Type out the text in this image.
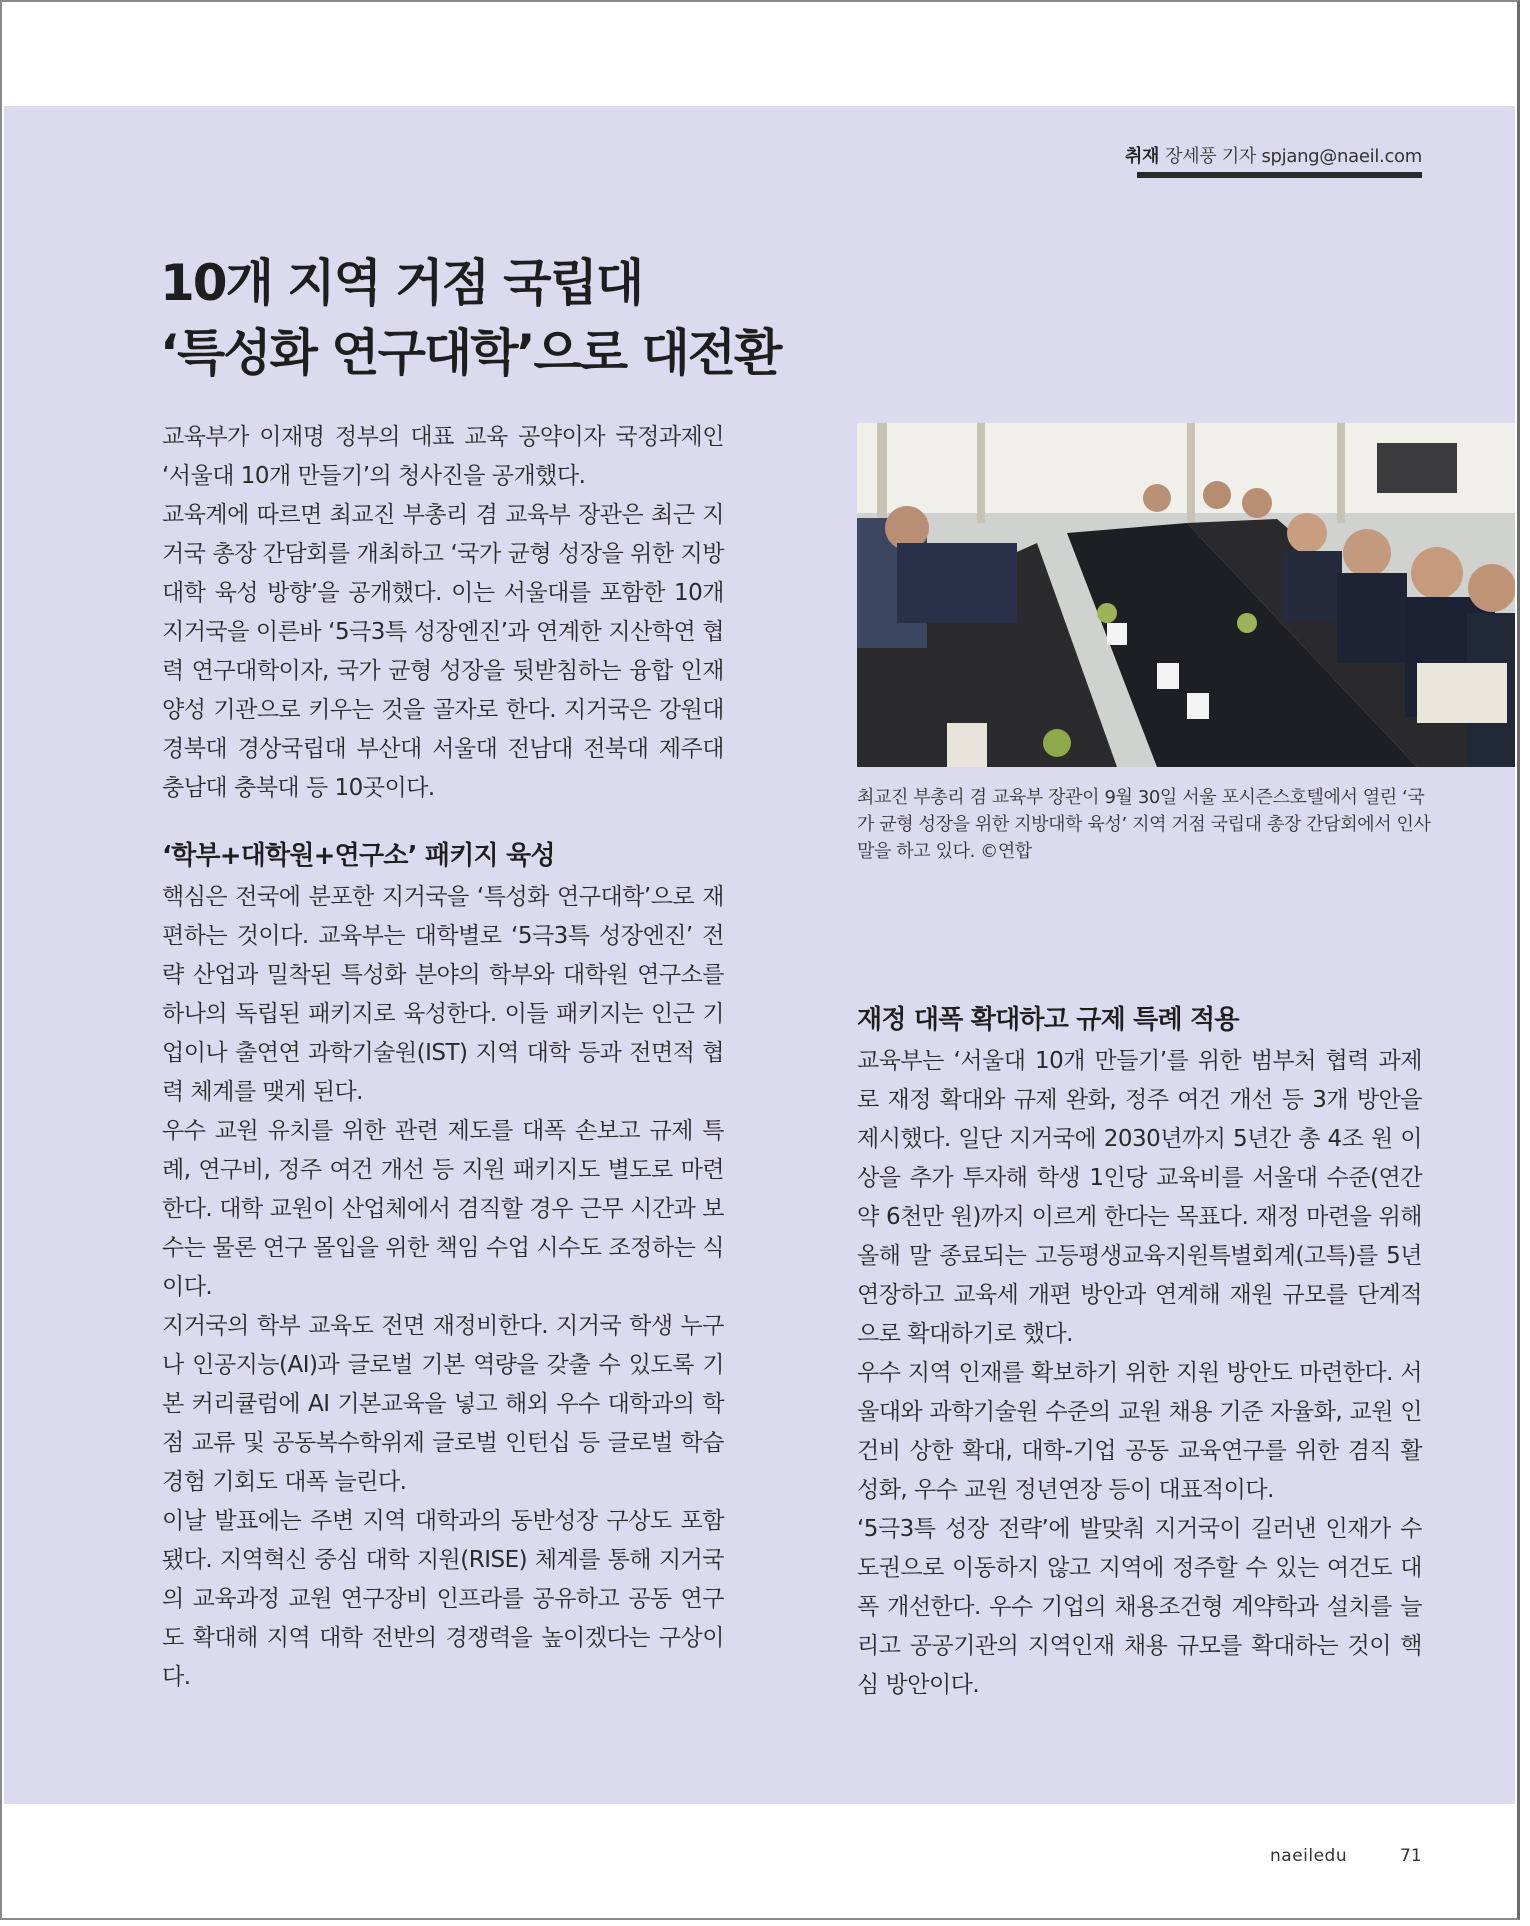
취재 장세풍 기자 spjang@naeil.com
10개 지역 거점 국립대
‘특성화 연구대학’으로 대전환

교육부가 이재명 정부의 대표 교육 공약이자 국정과제인 ‘서울대 10개 만들기’의 청사진을 공개했다.

교육계에 따르면 최교진 부총리 겸 교육부 장관은 최근 지거국 총장 간담회를 개최하고 ‘국가 균형 성장을 위한 지방대학 육성 방향’을 공개했다. 이는 서울대를 포함한 10개 지거국을 이른바 ‘5극3특 성장엔진’과 연계한 지산학연 협력 연구대학이자, 국가 균형 성장을 뒷받침하는 융합 인재 양성 기관으로 키우는 것을 골자로 한다. 지거국은 강원대 경북대 경상국립대 부산대 서울대 전남대 전북대 제주대 충남대 충북대 등 10곳이다.

‘학부+대학원+연구소’ 패키지 육성

핵심은 전국에 분포한 지거국을 ‘특성화 연구대학’으로 재편하는 것이다. 교육부는 대학별로 ‘5극3특 성장엔진’ 전략 산업과 밀착된 특성화 분야의 학부와 대학원 연구소를 하나의 독립된 패키지로 육성한다. 이들 패키지는 인근 기업이나 출연연 과학기술원(IST) 지역 대학 등과 전면적 협력 체계를 맺게 된다.

우수 교원 유치를 위한 관련 제도를 대폭 손보고 규제 특례, 연구비, 정주 여건 개선 등 지원 패키지도 별도로 마련한다. 대학 교원이 산업체에서 겸직할 경우 근무 시간과 보수는 물론 연구 몰입을 위한 책임 수업 시수도 조정하는 식이다.

지거국의 학부 교육도 전면 재정비한다. 지거국 학생 누구나 인공지능(AI)과 글로벌 기본 역량을 갖출 수 있도록 기본 커리큘럼에 AI 기본교육을 넣고 해외 우수 대학과의 학점 교류 및 공동복수학위제 글로벌 인턴십 등 글로벌 학습 경험 기회도 대폭 늘린다.

이날 발표에는 주변 지역 대학과의 동반성장 구상도 포함됐다. 지역혁신 중심 대학 지원(RISE) 체계를 통해 지거국의 교육과정 교원 연구장비 인프라를 공유하고 공동 연구도 확대해 지역 대학 전반의 경쟁력을 높이겠다는 구상이다.

최교진 부총리 겸 교육부 장관이 9월 30일 서울 포시즌스호텔에서 열린 ‘국가 균형 성장을 위한 지방대학 육성’ 지역 거점 국립대 총장 간담회에서 인사말을 하고 있다. ©연합

재정 대폭 확대하고 규제 특례 적용

교육부는 ‘서울대 10개 만들기’를 위한 범부처 협력 과제로 재정 확대와 규제 완화, 정주 여건 개선 등 3개 방안을 제시했다. 일단 지거국에 2030년까지 5년간 총 4조 원 이상을 추가 투자해 학생 1인당 교육비를 서울대 수준(연간 약 6천만 원)까지 이르게 한다는 목표다. 재정 마련을 위해 올해 말 종료되는 고등평생교육지원특별회계(고특)를 5년 연장하고 교육세 개편 방안과 연계해 재원 규모를 단계적으로 확대하기로 했다.

우수 지역 인재를 확보하기 위한 지원 방안도 마련한다. 서울대와 과학기술원 수준의 교원 채용 기준 자율화, 교원 인건비 상한 확대, 대학-기업 공동 교육연구를 위한 겸직 활성화, 우수 교원 정년연장 등이 대표적이다.

‘5극3특 성장 전략’에 발맞춰 지거국이 길러낸 인재가 수도권으로 이동하지 않고 지역에 정주할 수 있는 여건도 대폭 개선한다. 우수 기업의 채용조건형 계약학과 설치를 늘리고 공공기관의 지역인재 채용 규모를 확대하는 것이 핵심 방안이다.

naeiledu	71
